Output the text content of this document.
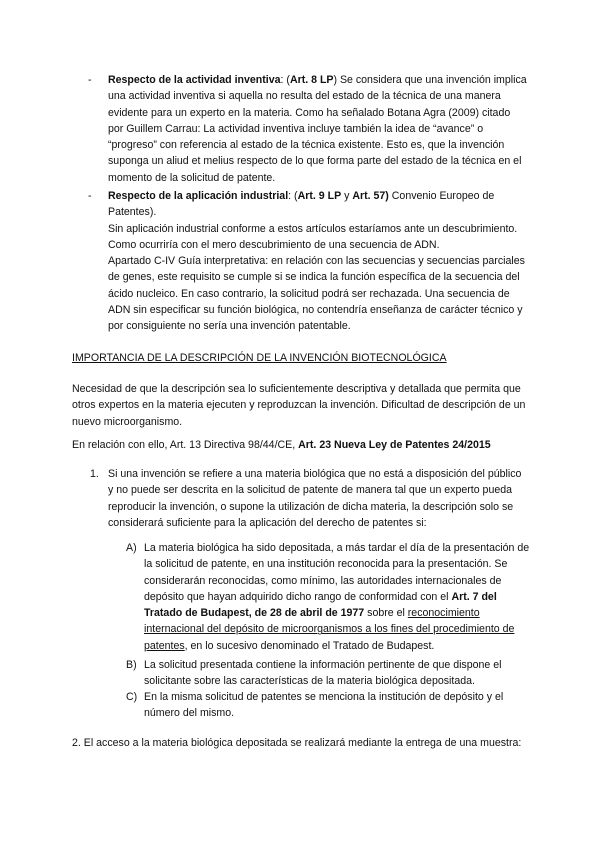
- Respecto de la actividad inventiva: (Art. 8 LP) Se considera que una invención implica una actividad inventiva si aquella no resulta del estado de la técnica de una manera evidente para un experto en la materia. Como ha señalado Botana Agra (2009) citado por Guillem Carrau: La actividad inventiva incluye también la idea de “avance” o “progreso” con referencia al estado de la técnica existente. Esto es, que la invención suponga un aliud et melius respecto de lo que forma parte del estado de la técnica en el momento de la solicitud de patente.

- Respecto de la aplicación industrial: (Art. 9 LP y Art. 57) Convenio Europeo de Patentes).

Sin aplicación industrial conforme a estos artículos estaríamos ante un descubrimiento. Como ocurriría con el mero descubrimiento de una secuencia de ADN.

Apartado C-IV Guía interpretativa: en relación con las secuencias y secuencias parciales de genes, este requisito se cumple si se indica la función específica de la secuencia del ácido nucleico. En caso contrario, la solicitud podrá ser rechazada. Una secuencia de ADN sin especificar su función biológica, no contendría enseñanza de carácter técnico y por consiguiente no sería una invención patentable.

IMPORTANCIA DE LA DESCRIPCIÓN DE LA INVENCIÓN BIOTECNOLÓGICA

Necesidad de que la descripción sea lo suficientemente descriptiva y detallada que permita que otros expertos en la materia ejecuten y reproduzcan la invención. Dificultad de descripción de un nuevo microorganismo.

En relación con ello, Art. 13 Directiva 98/44/CE, Art. 23 Nueva Ley de Patentes 24/2015

1. Si una invención se refiere a una materia biológica que no está a disposición del público y no puede ser descrita en la solicitud de patente de manera tal que un experto pueda reproducir la invención, o supone la utilización de dicha materia, la descripción solo se considerará suficiente para la aplicación del derecho de patentes si:

A) La materia biológica ha sido depositada, a más tardar el día de la presentación de la solicitud de patente, en una institución reconocida para la presentación. Se considerarán reconocidas, como mínimo, las autoridades internacionales de depósito que hayan adquirido dicho rango de conformidad con el Art. 7 del Tratado de Budapest, de 28 de abril de 1977 sobre el reconocimiento internacional del depósito de microorganismos a los fines del procedimiento de patentes, en lo sucesivo denominado el Tratado de Budapest.

B) La solicitud presentada contiene la información pertinente de que dispone el solicitante sobre las características de la materia biológica depositada.

C) En la misma solicitud de patentes se menciona la institución de depósito y el número del mismo.

2. El acceso a la materia biológica depositada se realizará mediante la entrega de una muestra:
